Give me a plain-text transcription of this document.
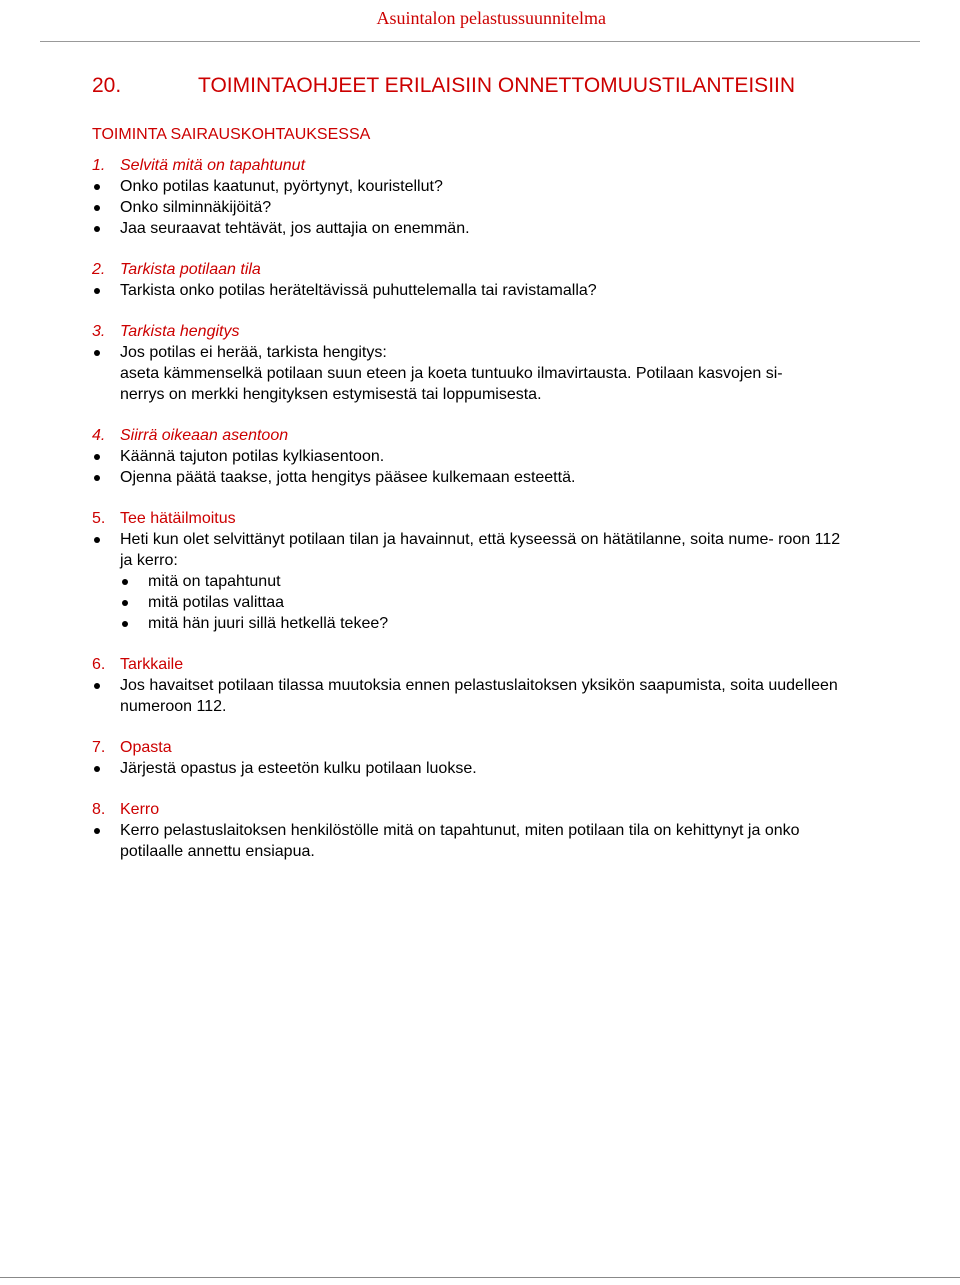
Asuintalon pelastussuunnitelma
20.	TOIMINTAOHJEET ERILAISIIN ONNETTOMUUSTILANTEISIIN
TOIMINTA SAIRAUSKOHTAUKSESSA
1. Selvitä mitä on tapahtunut
Onko potilas kaatunut, pyörtynyt, kouristellut?
Onko silminnäkijöitä?
Jaa seuraavat tehtävät, jos auttajia on enemmän.
2. Tarkista potilaan tila
Tarkista onko potilas heräteltävissä puhuttelemalla tai ravistamalla?
3. Tarkista hengitys
Jos potilas ei herää, tarkista hengitys:
aseta kämmenselkä potilaan suun eteen ja koeta tuntuuko ilmavirtausta. Potilaan kasvojen si-
nerrys on merkki hengityksen estymisestä tai loppumisesta.
4. Siirrä oikeaan asentoon
Käännä tajuton potilas kylkiasentoon.
Ojenna päätä taakse, jotta hengitys pääsee kulkemaan esteettä.
5. Tee hätäilmoitus
Heti kun olet selvittänyt potilaan tilan ja havainnut, että kyseessä on hätätilanne, soita nume- roon 112 ja kerro:
mitä on tapahtunut
mitä potilas valittaa
mitä hän juuri sillä hetkellä tekee?
6. Tarkkaile
Jos havaitset potilaan tilassa muutoksia ennen pelastuslaitoksen yksikön saapumista, soita uudelleen numeroon 112.
7. Opasta
Järjestä opastus ja esteetön kulku potilaan luokse.
8. Kerro
Kerro pelastuslaitoksen henkilöstölle mitä on tapahtunut, miten potilaan tila on kehittynyt ja onko potilaalle annettu ensiapua.
